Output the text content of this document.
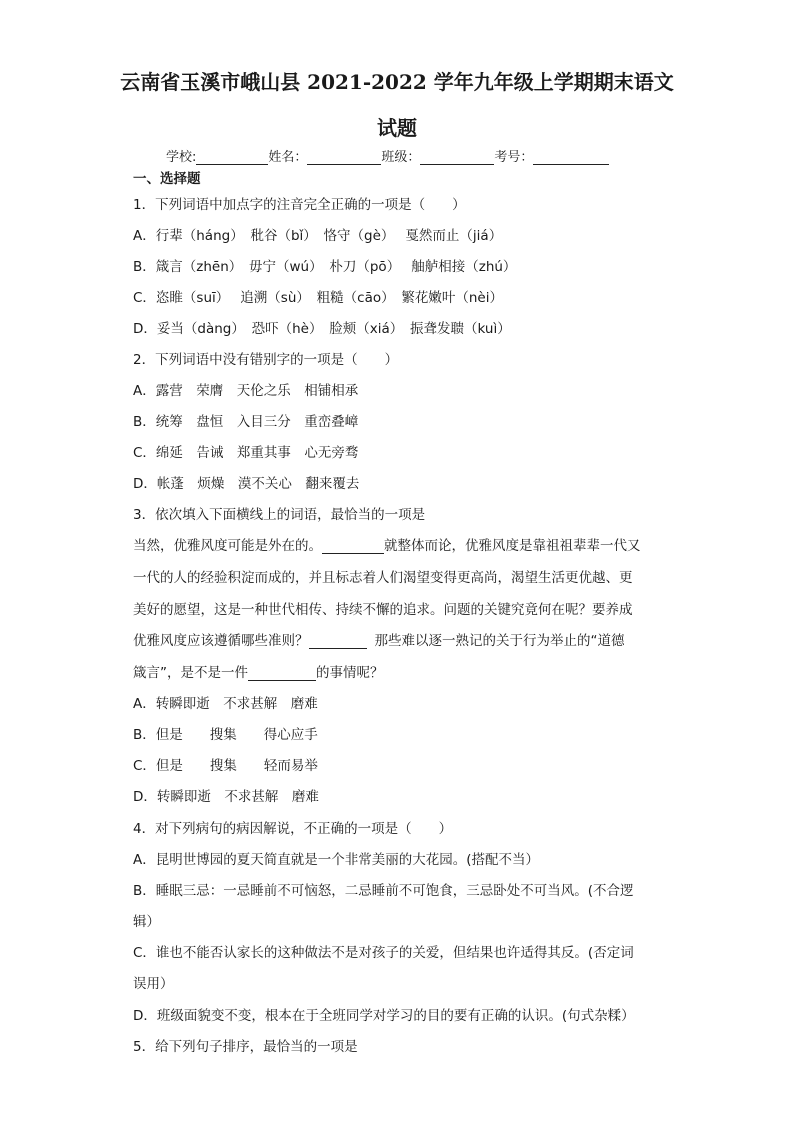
云南省玉溪市峨山县 2021-2022 学年九年级上学期期末语文
试题
学校:	姓名：	班级：	考号：
一、选择题
1．下列词语中加点字的注音完全正确的一项是（　　）
A．行辈（háng）　秕谷（bǐ）　恪守（gè）　 戛然而止（jiá）
B．箴言（zhēn）　毋宁（wú）　朴刀（pō）　 舳舻相接（zhú）
C．恣睢（suī）　 追溯（sù）　粗糙（cāo）　繁花嫩叶（nèi）
D．妥当（dàng）　恐吓（hè）　脸颊（xiá）　振聋发聩（kuì）
2．下列词语中没有错别字的一项是（　　）
A．露营　荣膺　天伦之乐　相铺相承
B．统筹　盘恒　入目三分　重峦叠嶂
C．绵延　告诫　郑重其事　心无旁骛
D．帐蓬　烦燥　漠不关心　翻来覆去
3．依次填入下面横线上的词语，最恰当的一项是
当然，优雅风度可能是外在的。	就整体而论，优雅风度是靠祖祖辈辈一代又
一代的人的经验积淀而成的，并且标志着人们渴望变得更高尚，渴望生活更优越、更
美好的愿望，这是一种世代相传、持续不懈的追求。问题的关键究竟何在呢？要养成
优雅风度应该遵循哪些准则？	那些难以逐一熟记的关于行为举止的“道德
箴言”，是不是一件	的事情呢？
A．转瞬即逝　不求甚解　磨难
B．但是　　搜集　　得心应手
C．但是　　搜集　　轻而易举
D．转瞬即逝　不求甚解　磨难
4．对下列病句的病因解说，不正确的一项是（　　）
A．昆明世博园的夏天简直就是一个非常美丽的大花园。(搭配不当）
B．睡眠三忌：一忌睡前不可恼怒，二忌睡前不可饱食，三忌卧处不可当风。(不合逻
辑）
C．谁也不能否认家长的这种做法不是对孩子的关爱，但结果也许适得其反。(否定词
误用）
D．班级面貌变不变，根本在于全班同学对学习的目的要有正确的认识。(句式杂糅）
5．给下列句子排序，最恰当的一项是
